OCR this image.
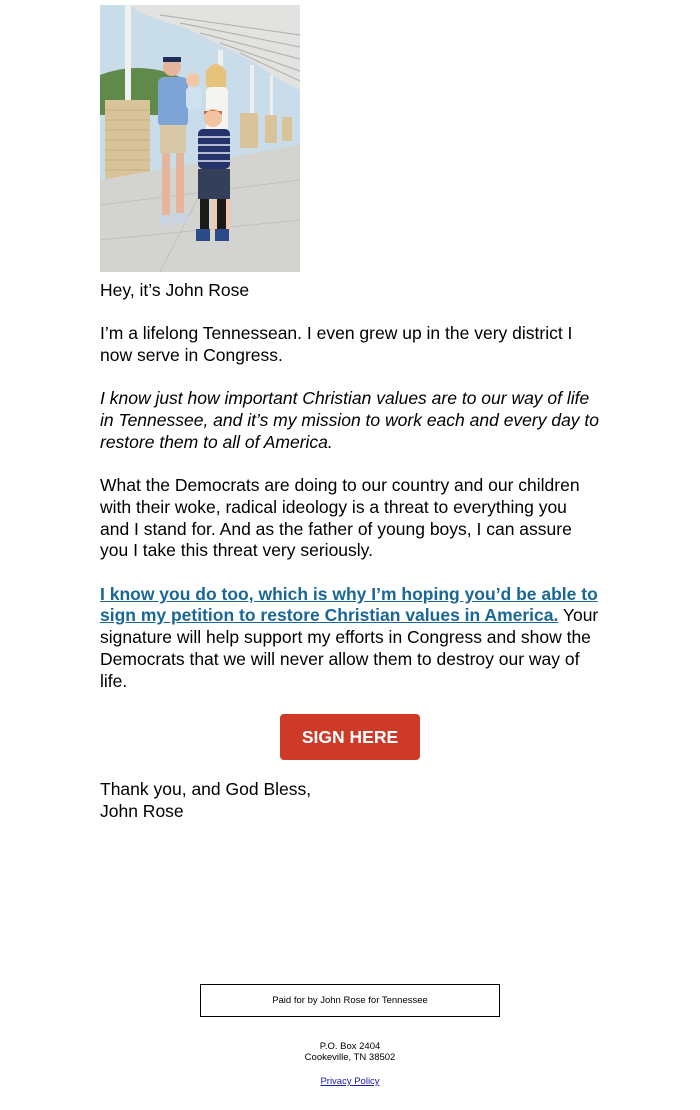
Hey, it’s John Rose
I’m a lifelong Tennessean. I even grew up in the very district I now serve in Congress.
I know just how important Christian values are to our way of life in Tennessee, and it’s my mission to work each and every day to restore them to all of America.
What the Democrats are doing to our country and our children with their woke, radical ideology is a threat to everything you and I stand for. And as the father of young boys, I can assure you I take this threat very seriously.
I know you do too, which is why I’m hoping you’d be able to sign my petition to restore Christian values in America. Your signature will help support my efforts in Congress and show the Democrats that we will never allow them to destroy our way of life.
SIGN HERE
Thank you, and God Bless,
John Rose
Paid for by John Rose for Tennessee
P.O. Box 2404
Cookeville, TN 38502
Privacy Policy
